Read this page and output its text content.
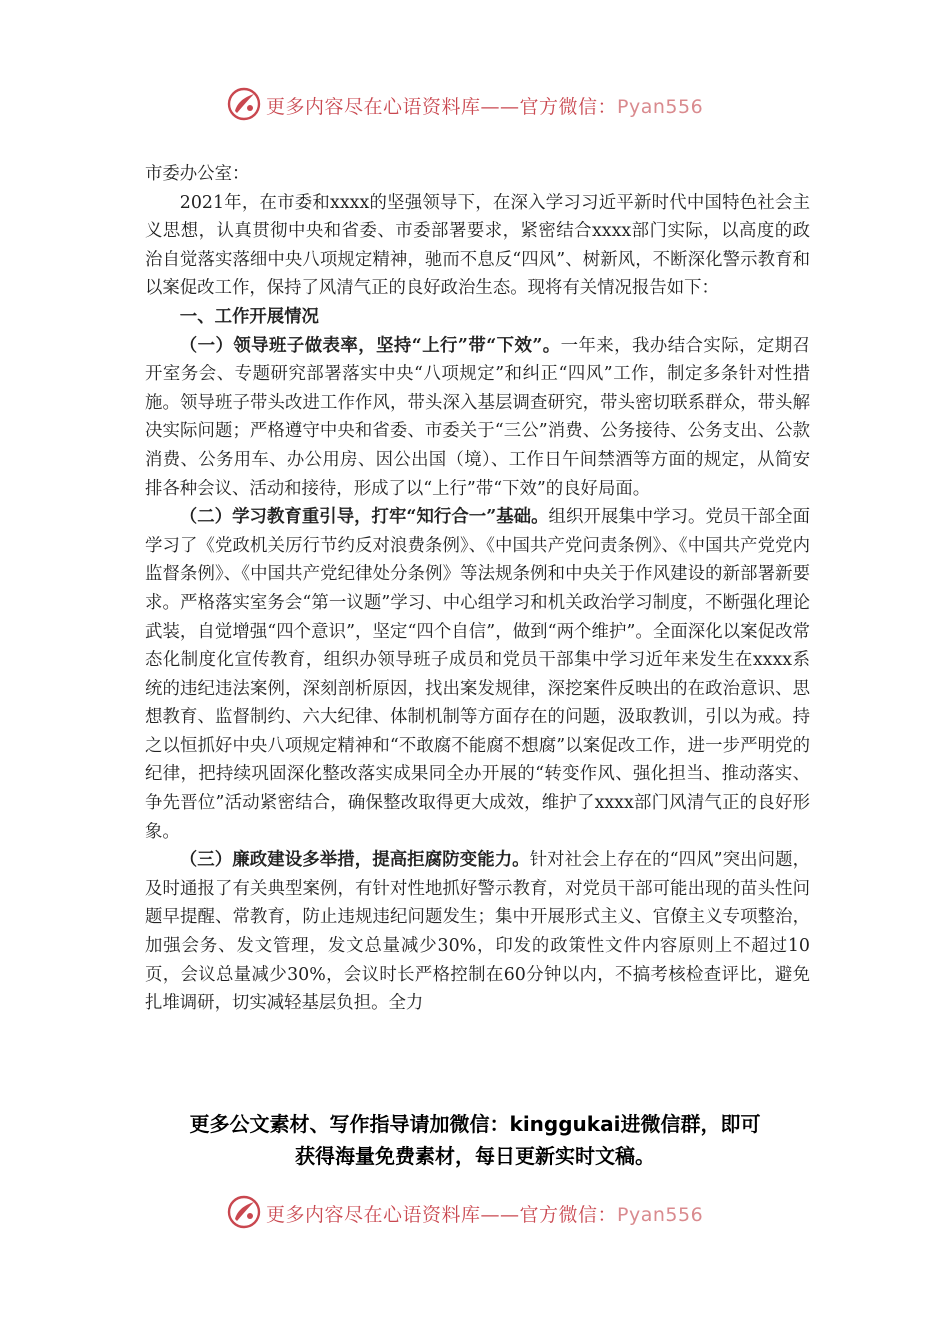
更多内容尽在心语资料库——官方微信：Pyan556

市委办公室：

2021年，在市委和xxxx的坚强领导下，在深入学习习近平新时代中国特色社会主义思想，认真贯彻中央和省委、市委部署要求，紧密结合xxxx部门实际，以高度的政治自觉落实落细中央八项规定精神，驰而不息反“四风”、树新风，不断深化警示教育和以案促改工作，保持了风清气正的良好政治生态。现将有关情况报告如下：

一、工作开展情况

（一）领导班子做表率，坚持“上行”带“下效”。一年来，我办结合实际，定期召开室务会、专题研究部署落实中央“八项规定”和纠正“四风”工作，制定多条针对性措施。领导班子带头改进工作作风，带头深入基层调查研究，带头密切联系群众，带头解决实际问题；严格遵守中央和省委、市委关于“三公”消费、公务接待、公务支出、公款消费、公务用车、办公用房、因公出国（境）、工作日午间禁酒等方面的规定，从简安排各种会议、活动和接待，形成了以“上行”带“下效”的良好局面。

（二）学习教育重引导，打牢“知行合一”基础。组织开展集中学习。党员干部全面学习了《党政机关厉行节约反对浪费条例》、《中国共产党问责条例》、《中国共产党党内监督条例》、《中国共产党纪律处分条例》等法规条例和中央关于作风建设的新部署新要求。严格落实室务会“第一议题”学习、中心组学习和机关政治学习制度，不断强化理论武装，自觉增强“四个意识”，坚定“四个自信”，做到“两个维护”。全面深化以案促改常态化制度化宣传教育，组织办领导班子成员和党员干部集中学习近年来发生在xxxx系统的违纪违法案例，深刻剖析原因，找出案发规律，深挖案件反映出的在政治意识、思想教育、监督制约、六大纪律、体制机制等方面存在的问题，汲取教训，引以为戒。持之以恒抓好中央八项规定精神和“不敢腐不能腐不想腐”以案促改工作，进一步严明党的纪律，把持续巩固深化整改落实成果同全办开展的“转变作风、强化担当、推动落实、争先晋位”活动紧密结合，确保整改取得更大成效，维护了xxxx部门风清气正的良好形象。

（三）廉政建设多举措，提高拒腐防变能力。针对社会上存在的“四风”突出问题，及时通报了有关典型案例，有针对性地抓好警示教育，对党员干部可能出现的苗头性问题早提醒、常教育，防止违规违纪问题发生；集中开展形式主义、官僚主义专项整治，加强会务、发文管理，发文总量减少30%，印发的政策性文件内容原则上不超过10页，会议总量减少30%，会议时长严格控制在60分钟以内，不搞考核检查评比，避免扎堆调研，切实减轻基层负担。全力

更多公文素材、写作指导请加微信：kinggukai进微信群，即可
获得海量免费素材，每日更新实时文稿。
更多内容尽在心语资料库——官方微信：Pyan556
